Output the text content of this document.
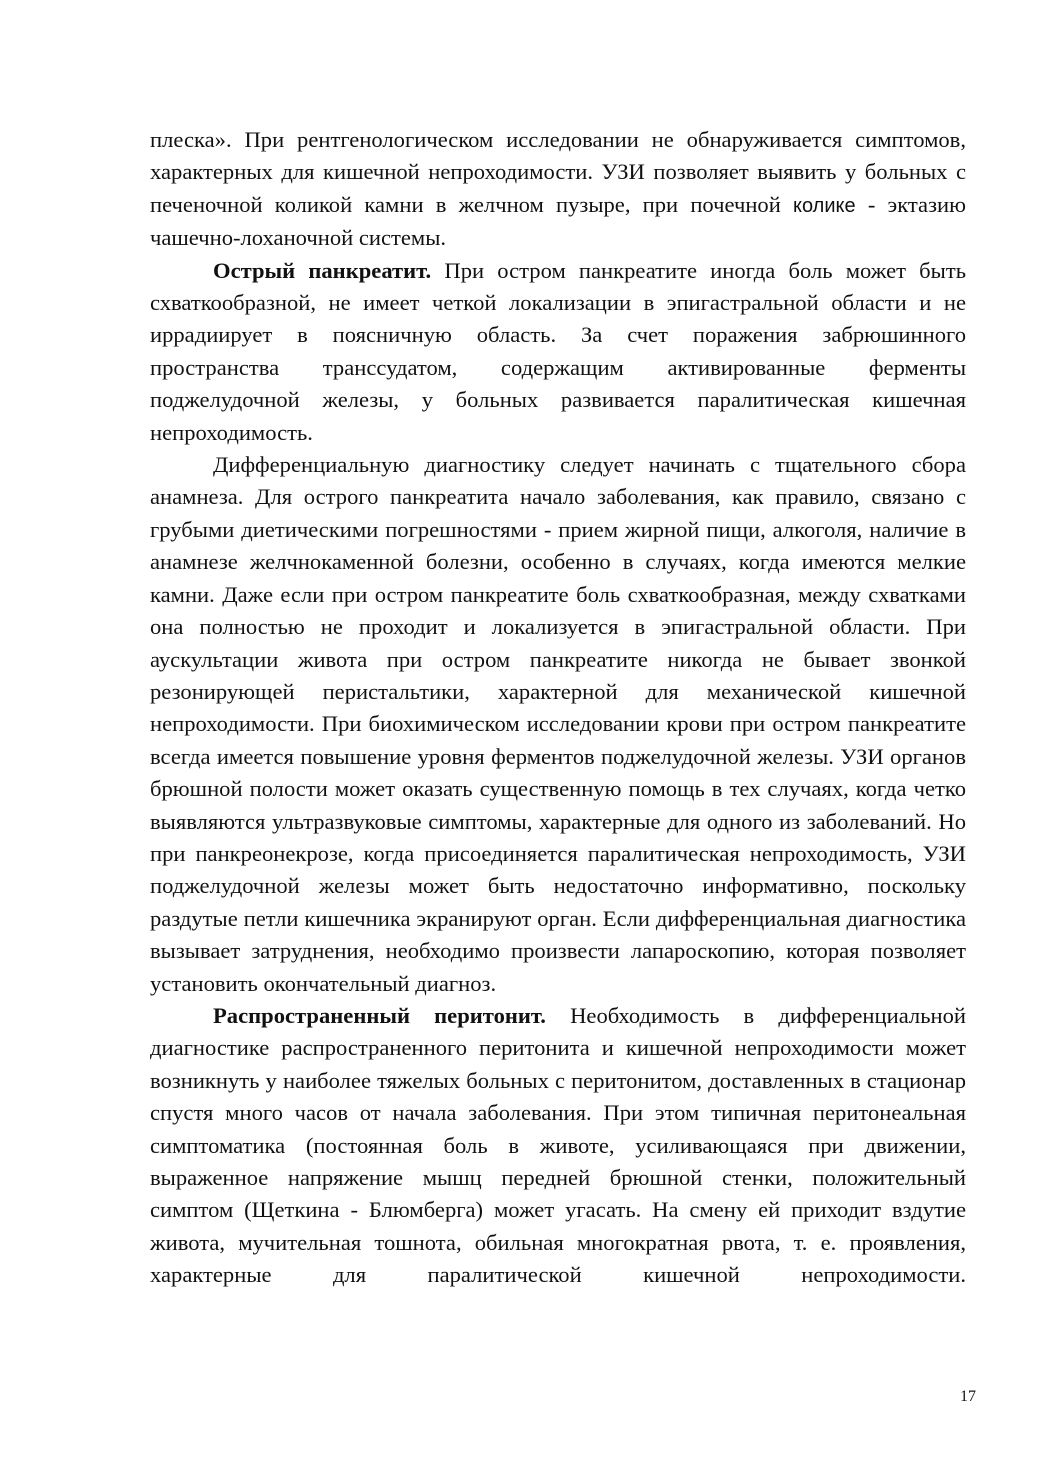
плеска». При рентгенологическом исследовании не обнаруживается симптомов, характерных для кишечной непроходимости. УЗИ позволяет выявить у больных с печеночной коликой камни в желчном пузыре, при почечной колике - эктазию чашечно-лоханочной системы.

Острый панкреатит. При остром панкреатите иногда боль может быть схваткообразной, не имеет четкой локализации в эпигастральной области и не иррадиирует в поясничную область. За счет поражения забрюшинного пространства транссудатом, содержащим активированные ферменты поджелудочной железы, у больных развивается паралитическая кишечная непроходимость.

Дифференциальную диагностику следует начинать с тщательного сбора анамнеза. Для острого панкреатита начало заболевания, как правило, связано с грубыми диетическими погрешностями - прием жирной пищи, алкоголя, наличие в анамнезе желчнокаменной болезни, особенно в случаях, когда имеются мелкие камни. Даже если при остром панкреатите боль схваткообразная, между схватками она полностью не проходит и локализуется в эпигастральной области. При аускультации живота при остром панкреатите никогда не бывает звонкой резонирующей перистальтики, характерной для механической кишечной непроходимости. При биохимическом исследовании крови при остром панкреатите всегда имеется повышение уровня ферментов поджелудочной железы. УЗИ органов брюшной полости может оказать существенную помощь в тех случаях, когда четко выявляются ультразвуковые симптомы, характерные для одного из заболеваний. Но при панкреонекрозе, когда присоединяется паралитическая непроходимость, УЗИ поджелудочной железы может быть недостаточно информативно, поскольку раздутые петли кишечника экранируют орган. Если дифференциальная диагностика вызывает затруднения, необходимо произвести лапароскопию, которая позволяет установить окончательный диагноз.

Распространенный перитонит. Необходимость в дифференциальной диагностике распространенного перитонита и кишечной непроходимости может возникнуть у наиболее тяжелых больных с перитонитом, доставленных в стационар спустя много часов от начала заболевания. При этом типичная перитонеальная симптоматика (постоянная боль в животе, усиливающаяся при движении, выраженное напряжение мышц передней брюшной стенки, положительный симптом (Щеткина - Блюмберга) может угасать. На смену ей приходит вздутие живота, мучительная тошнота, обильная многократная рвота, т. е. проявления, характерные для паралитической кишечной непроходимости.

17
